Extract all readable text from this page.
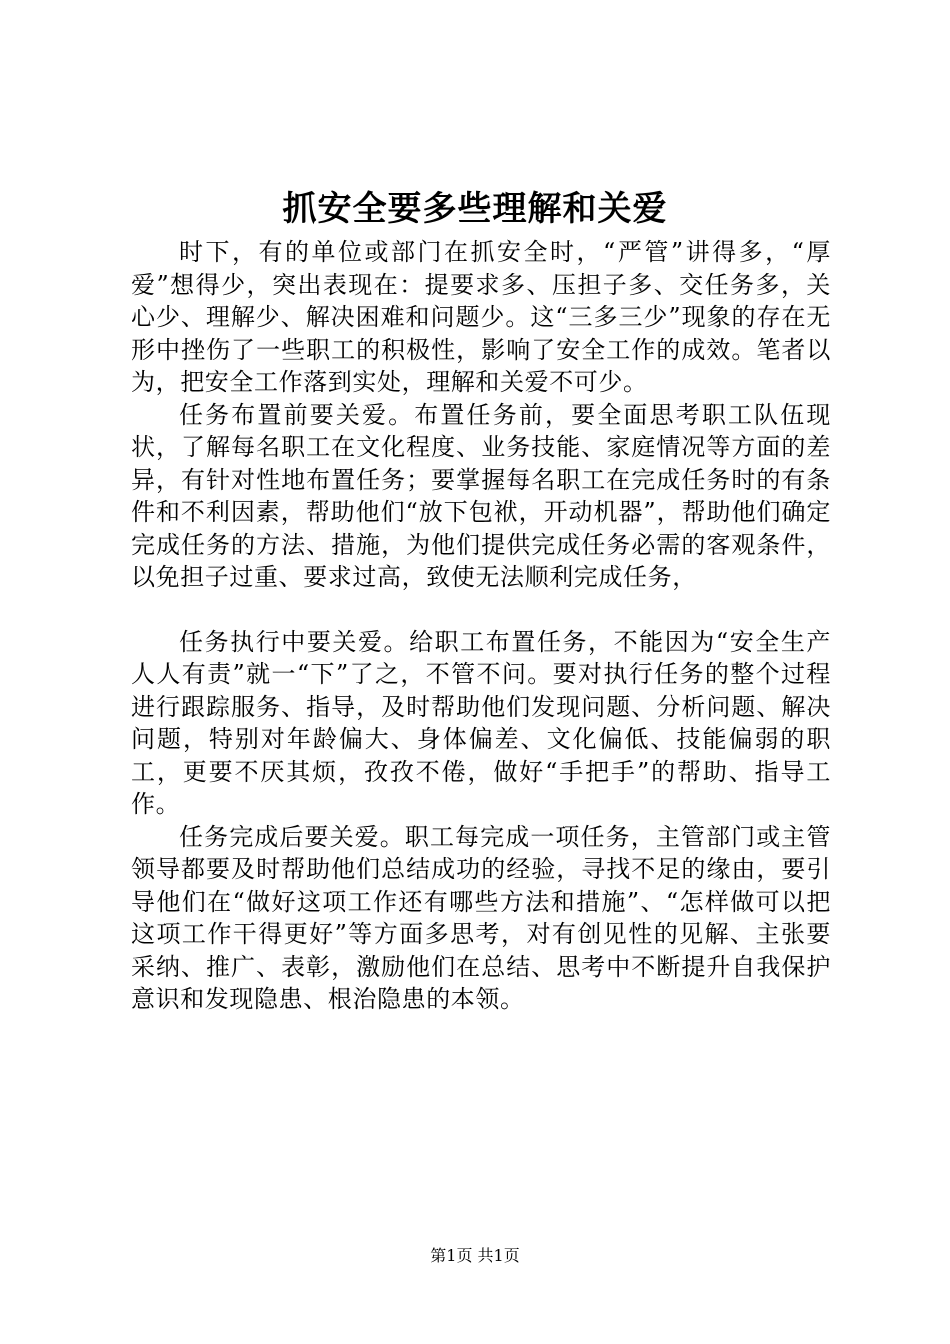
抓安全要多些理解和关爱

时下，有的单位或部门在抓安全时，“严管”讲得多，“厚爱”想得少，突出表现在：提要求多、压担子多、交任务多，关心少、理解少、解决困难和问题少。这“三多三少”现象的存在无形中挫伤了一些职工的积极性，影响了安全工作的成效。笔者以为，把安全工作落到实处，理解和关爱不可少。

任务布置前要关爱。布置任务前，要全面思考职工队伍现状，了解每名职工在文化程度、业务技能、家庭情况等方面的差异，有针对性地布置任务；要掌握每名职工在完成任务时的有条件和不利因素，帮助他们“放下包袱，开动机器”，帮助他们确定完成任务的方法、措施，为他们提供完成任务必需的客观条件，以免担子过重、要求过高，致使无法顺利完成任务，

任务执行中要关爱。给职工布置任务，不能因为“安全生产人人有责”就一“下”了之，不管不问。要对执行任务的整个过程进行跟踪服务、指导，及时帮助他们发现问题、分析问题、解决问题，特别对年龄偏大、身体偏差、文化偏低、技能偏弱的职工，更要不厌其烦，孜孜不倦，做好“手把手”的帮助、指导工作。

任务完成后要关爱。职工每完成一项任务，主管部门或主管领导都要及时帮助他们总结成功的经验，寻找不足的缘由，要引导他们在“做好这项工作还有哪些方法和措施”、“怎样做可以把这项工作干得更好”等方面多思考，对有创见性的见解、主张要采纳、推广、表彰，激励他们在总结、思考中不断提升自我保护意识和发现隐患、根治隐患的本领。

第1页 共1页
